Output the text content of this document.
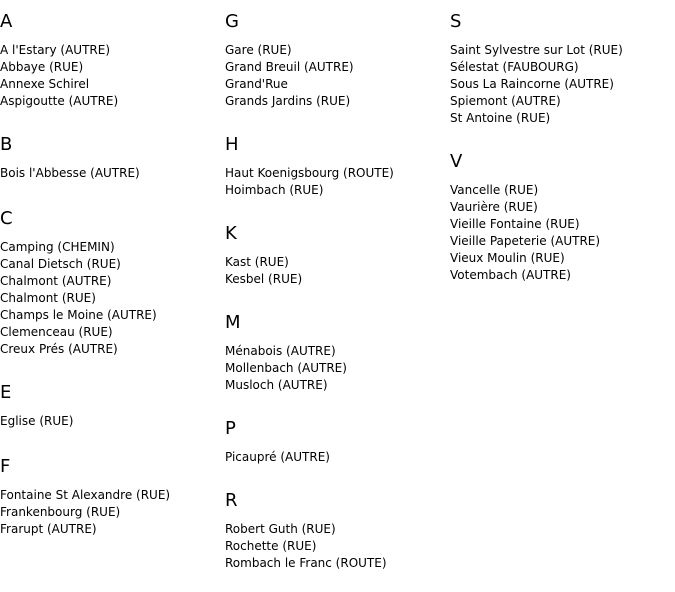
A
A l'Estary (AUTRE)
Abbaye (RUE)
Annexe Schirel
Aspigoutte (AUTRE)
B
Bois l'Abbesse (AUTRE)
C
Camping (CHEMIN)
Canal Dietsch (RUE)
Chalmont (AUTRE)
Chalmont (RUE)
Champs le Moine (AUTRE)
Clemenceau (RUE)
Creux Prés (AUTRE)
E
Eglise (RUE)
F
Fontaine St Alexandre (RUE)
Frankenbourg (RUE)
Frarupt (AUTRE)
G
Gare (RUE)
Grand Breuil (AUTRE)
Grand'Rue
Grands Jardins (RUE)
H
Haut Koenigsbourg (ROUTE)
Hoimbach (RUE)
K
Kast (RUE)
Kesbel (RUE)
M
Ménabois (AUTRE)
Mollenbach (AUTRE)
Musloch (AUTRE)
P
Picaupré (AUTRE)
R
Robert Guth (RUE)
Rochette (RUE)
Rombach le Franc (ROUTE)
S
Saint Sylvestre sur Lot (RUE)
Sélestat (FAUBOURG)
Sous La Raincorne (AUTRE)
Spiemont (AUTRE)
St Antoine (RUE)
V
Vancelle (RUE)
Vaurière (RUE)
Vieille Fontaine (RUE)
Vieille Papeterie (AUTRE)
Vieux Moulin (RUE)
Votembach (AUTRE)
